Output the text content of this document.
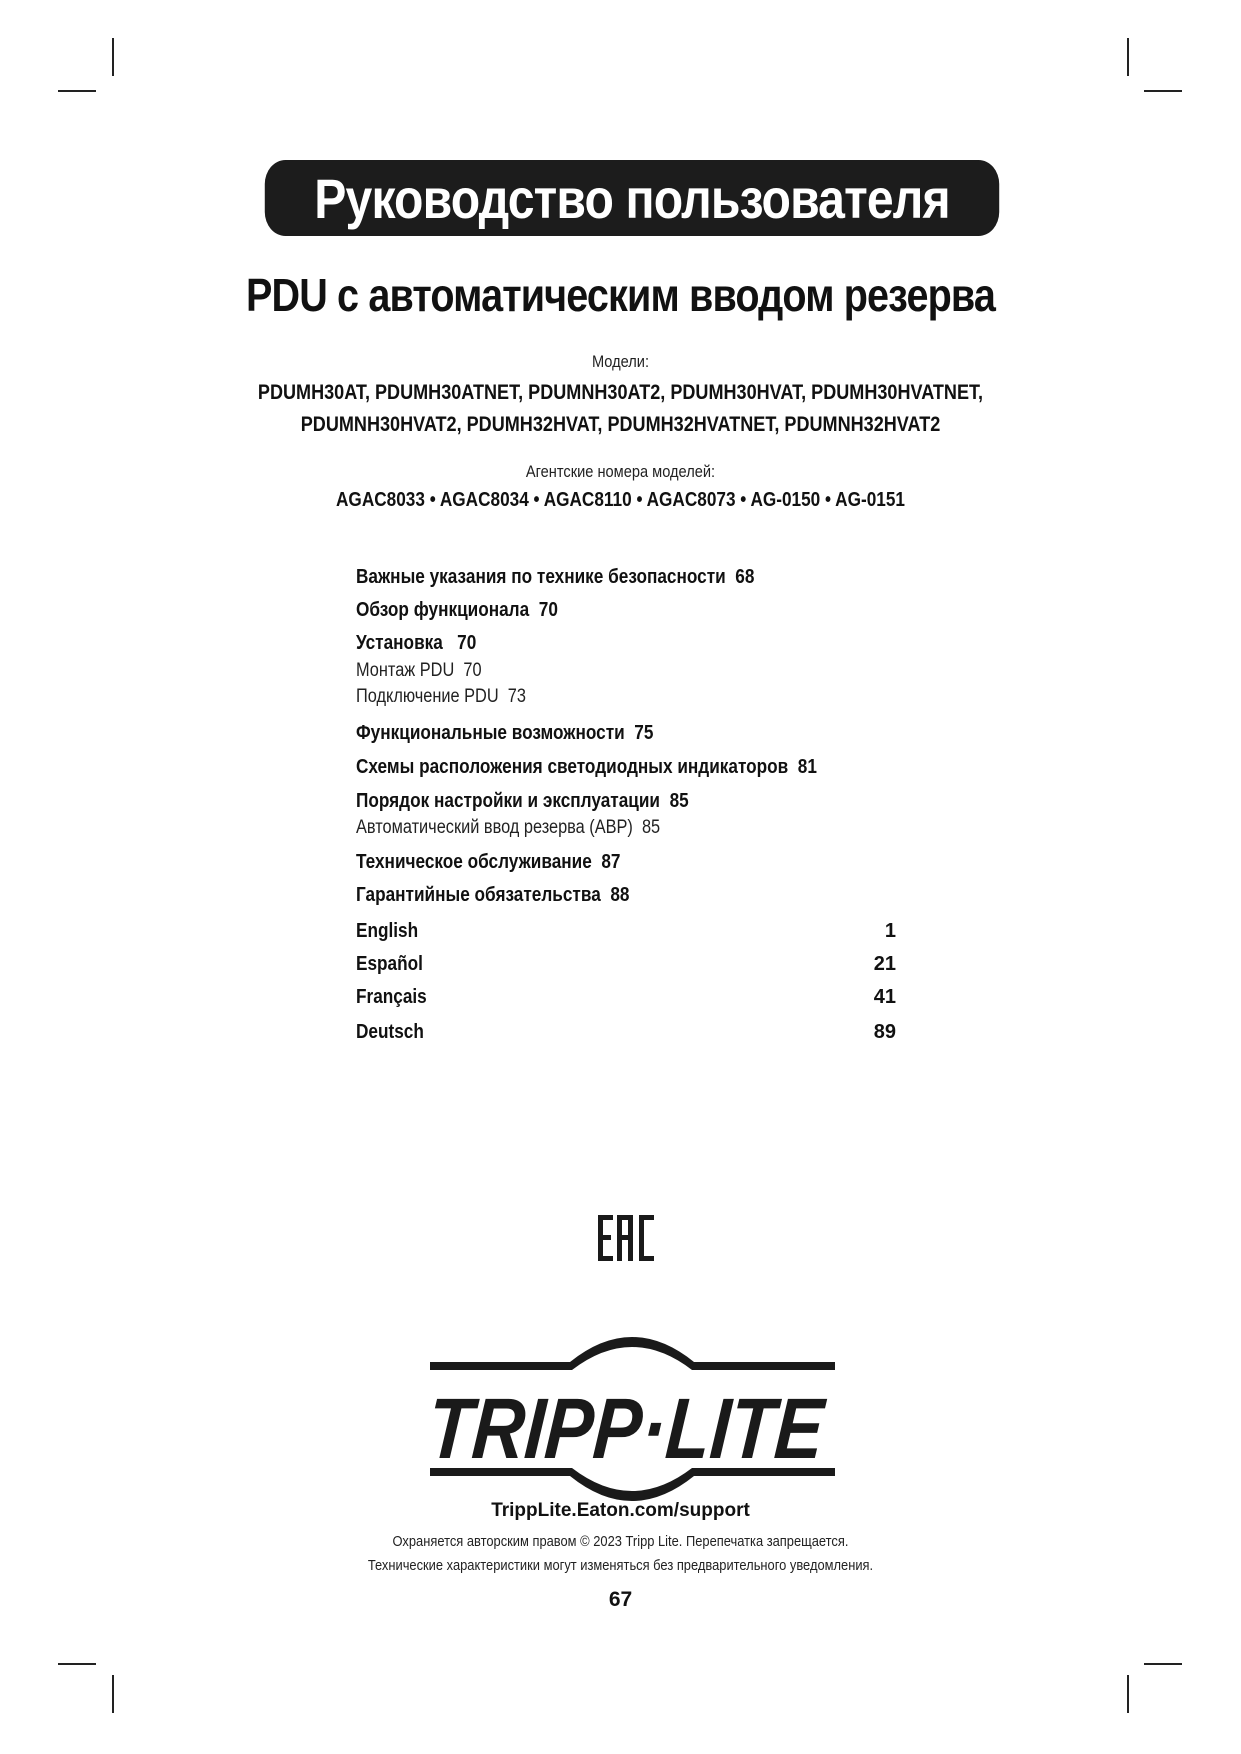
Руководство пользователя
PDU с автоматическим вводом резерва
Модели:
PDUMH30AT, PDUMH30ATNET, PDUMNH30AT2, PDUMH30HVAT, PDUMH30HVATNET,
PDUMNH30HVAT2, PDUMH32HVAT, PDUMH32HVATNET, PDUMNH32HVAT2
Агентские номера моделей:
AGAC8033 • AGAC8034 • AGAC8110 • AGAC8073 • AG-0150 • AG-0151
Важные указания по технике безопасности 68
Обзор функционала 70
Установка 70
Монтаж PDU 70
Подключение PDU 73
Функциональные возможности 75
Схемы расположения светодиодных индикаторов 81
Порядок настройки и эксплуатации 85
Автоматический ввод резерва (АВР) 85
Техническое обслуживание 87
Гарантийные обязательства 88
English	1
Español	21
Français	41
Deutsch	89
TRIPP·LITE
TrippLite.Eaton.com/support
Охраняется авторским правом © 2023 Tripp Lite. Перепечатка запрещается.
Технические характеристики могут изменяться без предварительного уведомления.
67
